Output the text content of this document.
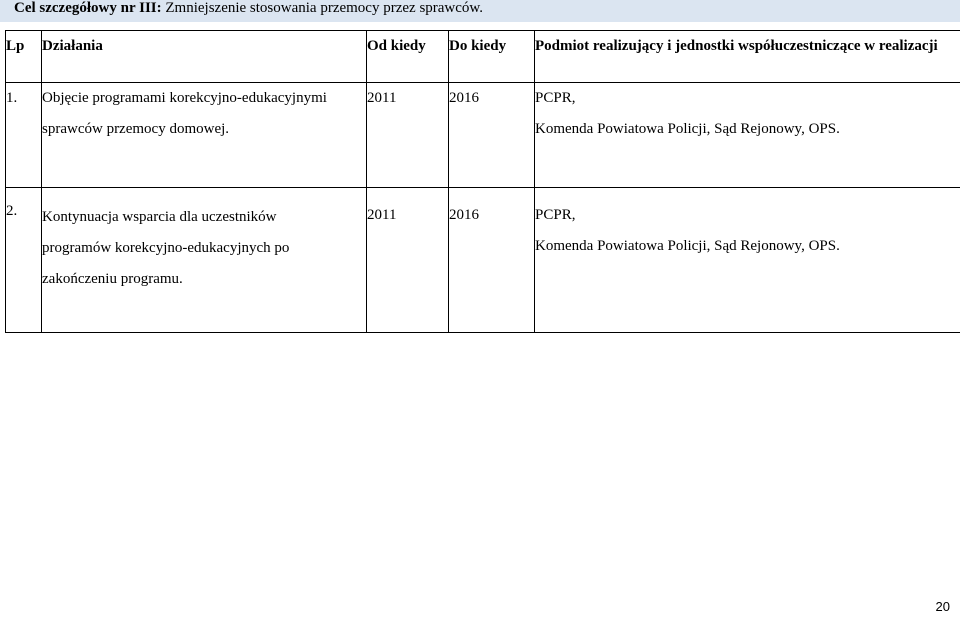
Cel szczegółowy nr III: Zmniejszenie stosowania przemocy przez sprawców.
Lp	Działania	Od kiedy	Do kiedy	Podmiot realizujący i jednostki współuczestniczące w realizacji

1.	Objęcie programami korekcyjno-edukacyjnymi
sprawców przemocy domowej.	2011	2016	PCPR,
Komenda Powiatowa Policji, Sąd Rejonowy, OPS.

2.	Kontynuacja wsparcia dla uczestników
programów korekcyjno-edukacyjnych po
zakończeniu programu.	2011	2016	PCPR,
Komenda Powiatowa Policji, Sąd Rejonowy, OPS.
20
